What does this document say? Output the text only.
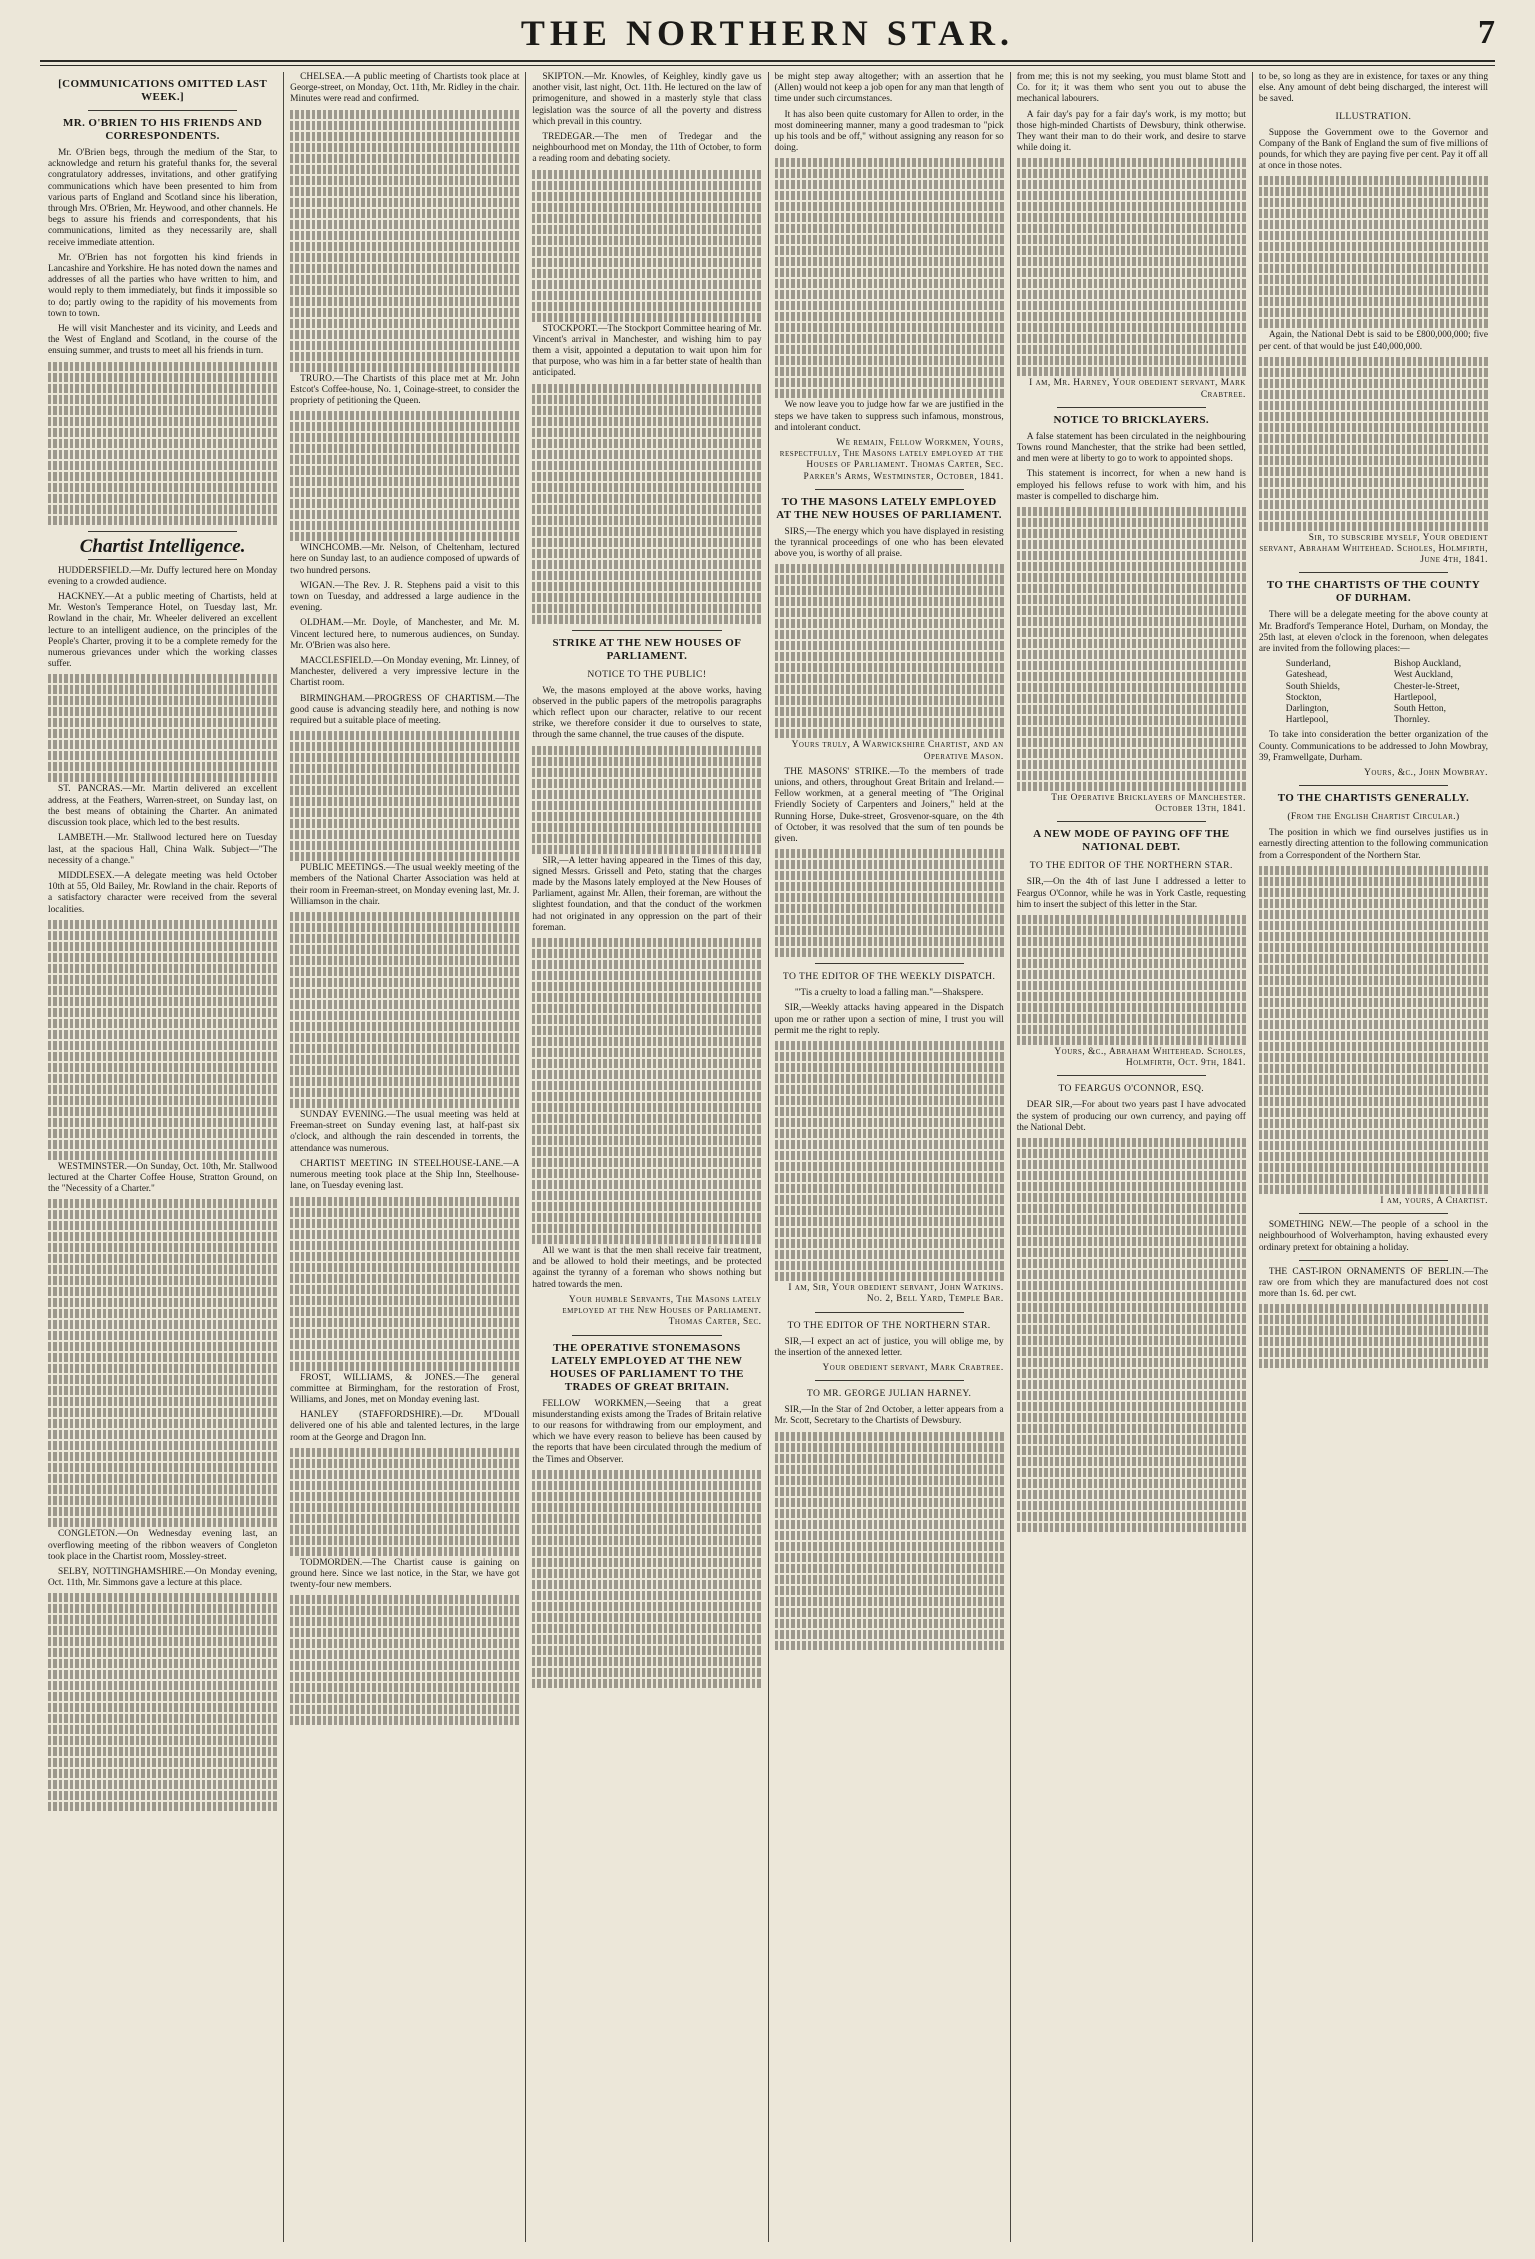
THE NORTHERN STAR.	7
[COMMUNICATIONS OMITTED LAST WEEK.]
MR. O'BRIEN TO HIS FRIENDS AND CORRESPONDENTS.

Mr. O'Brien begs, through the medium of the Star, to acknowledge and return his grateful thanks for, the several congratulatory addresses, invitations, and other gratifying communications which have been presented to him from various parts of England and Scotland since his liberation, through Mrs. O'Brien, Mr. Heywood, and other channels. He begs to assure his friends and correspondents, that his communications, limited as they necessarily are, shall receive immediate attention.

Mr. O'Brien has not forgotten his kind friends in Lancashire and Yorkshire. He has noted down the names and addresses of all the parties who have written to him, and would reply to them immediately, but finds it impossible so to do; partly owing to the rapidity of his movements from town to town.

He will visit Manchester and its vicinity, and Leeds and the West of England and Scotland, in the course of the ensuing summer, and trusts to meet all his friends in turn.

Chartist Intelligence.

HUDDERSFIELD.—Mr. Duffy lectured here on Monday evening to a crowded audience.

HACKNEY.—At a public meeting of Chartists, held at Mr. Weston's Temperance Hotel, on Tuesday last, Mr. Rowland in the chair, Mr. Wheeler delivered an excellent lecture to an intelligent audience, on the principles of the People's Charter, proving it to be a complete remedy for the numerous grievances under which the working classes suffer.

ST. PANCRAS.—Mr. Martin delivered an excellent address, at the Feathers, Warren-street, on Sunday last, on the best means of obtaining the Charter. An animated discussion took place, which led to the best results.

LAMBETH.—Mr. Stallwood lectured here on Tuesday last, at the spacious Hall, China Walk. Subject—"The necessity of a change."

MIDDLESEX.—A delegate meeting was held October 10th at 55, Old Bailey, Mr. Rowland in the chair. Reports of a satisfactory character were received from the several localities.

WESTMINSTER.—On Sunday, Oct. 10th, Mr. Stallwood lectured at the Charter Coffee House, Stratton Ground, on the "Necessity of a Charter."

CONGLETON.—On Wednesday evening last, an overflowing meeting of the ribbon weavers of Congleton took place in the Chartist room, Mossley-street.

SELBY, NOTTINGHAMSHIRE.—On Monday evening, Oct. 11th, Mr. Simmons gave a lecture at this place.

CHELSEA.—A public meeting of Chartists took place at George-street, on Monday, Oct. 11th, Mr. Ridley in the chair. Minutes were read and confirmed.

TRURO.—The Chartists of this place met at Mr. John Estcot's Coffee-house, No. 1, Coinage-street, to consider the propriety of petitioning the Queen.

WINCHCOMB.—Mr. Nelson, of Cheltenham, lectured here on Sunday last, to an audience composed of upwards of two hundred persons.

WIGAN.—The Rev. J. R. Stephens paid a visit to this town on Tuesday, and addressed a large audience in the evening.

OLDHAM.—Mr. Doyle, of Manchester, and Mr. M. Vincent lectured here, to numerous audiences, on Sunday. Mr. O'Brien was also here.

MACCLESFIELD.—On Monday evening, Mr. Linney, of Manchester, delivered a very impressive lecture in the Chartist room.

BIRMINGHAM.—PROGRESS OF CHARTISM.—The good cause is advancing steadily here, and nothing is now required but a suitable place of meeting.

PUBLIC MEETINGS.—The usual weekly meeting of the members of the National Charter Association was held at their room in Freeman-street, on Monday evening last, Mr. J. Williamson in the chair.

SUNDAY EVENING.—The usual meeting was held at Freeman-street on Sunday evening last, at half-past six o'clock, and although the rain descended in torrents, the attendance was numerous.

CHARTIST MEETING IN STEELHOUSE-LANE.—A numerous meeting took place at the Ship Inn, Steelhouse-lane, on Tuesday evening last.

FROST, WILLIAMS, & JONES.—The general committee at Birmingham, for the restoration of Frost, Williams, and Jones, met on Monday evening last.

HANLEY (STAFFORDSHIRE).—Dr. M'Douall delivered one of his able and talented lectures, in the large room at the George and Dragon Inn.

TODMORDEN.—The Chartist cause is gaining on ground here. Since we last notice, in the Star, we have got twenty-four new members.

SKIPTON.—Mr. Knowles, of Keighley, kindly gave us another visit, last night, Oct. 11th. He lectured on the law of primogeniture, and showed in a masterly style that class legislation was the source of all the poverty and distress which prevail in this country.

TREDEGAR.—The men of Tredegar and the neighbourhood met on Monday, the 11th of October, to form a reading room and debating society.

STOCKPORT.—The Stockport Committee hearing of Mr. Vincent's arrival in Manchester, and wishing him to pay them a visit, appointed a deputation to wait upon him for that purpose, who was him in a far better state of health than anticipated.

STRIKE AT THE NEW HOUSES OF PARLIAMENT.
NOTICE TO THE PUBLIC!

We, the masons employed at the above works, having observed in the public papers of the metropolis paragraphs which reflect upon our character, relative to our recent strike, we therefore consider it due to ourselves to state, through the same channel, the true causes of the dispute.

SIR,—A letter having appeared in the Times of this day, signed Messrs. Grissell and Peto, stating that the charges made by the Masons lately employed at the New Houses of Parliament, against Mr. Allen, their foreman, are without the slightest foundation, and that the conduct of the workmen had not originated in any oppression on the part of their foreman.

All we want is that the men shall receive fair treatment, and be allowed to hold their meetings, and be protected against the tyranny of a foreman who shows nothing but hatred towards the men.

Your humble Servants, The Masons lately employed at the New Houses of Parliament. Thomas Carter, Sec.

THE OPERATIVE STONEMASONS LATELY EMPLOYED AT THE NEW HOUSES OF PARLIAMENT TO THE TRADES OF GREAT BRITAIN.

FELLOW WORKMEN,—Seeing that a great misunderstanding exists among the Trades of Britain relative to our reasons for withdrawing from our employment, and which we have every reason to believe has been caused by the reports that have been circulated through the medium of the Times and Observer.

be might step away altogether; with an assertion that he (Allen) would not keep a job open for any man that length of time under such circumstances.

It has also been quite customary for Allen to order, in the most domineering manner, many a good tradesman to "pick up his tools and be off," without assigning any reason for so doing.

We now leave you to judge how far we are justified in the steps we have taken to suppress such infamous, monstrous, and intolerant conduct.

We remain, Fellow Workmen, Yours, respectfully, The Masons lately employed at the Houses of Parliament. Thomas Carter, Sec. Parker's Arms, Westminster, October, 1841.

TO THE MASONS LATELY EMPLOYED AT THE NEW HOUSES OF PARLIAMENT.

SIRS,—The energy which you have displayed in resisting the tyrannical proceedings of one who has been elevated above you, is worthy of all praise.

Yours truly, A Warwickshire Chartist, and an Operative Mason.

THE MASONS' STRIKE.—To the members of trade unions, and others, throughout Great Britain and Ireland.—Fellow workmen, at a general meeting of "The Original Friendly Society of Carpenters and Joiners," held at the Running Horse, Duke-street, Grosvenor-square, on the 4th of October, it was resolved that the sum of ten pounds be given.

TO THE EDITOR OF THE WEEKLY DISPATCH.

"'Tis a cruelty to load a falling man."—Shakspere.

SIR,—Weekly attacks having appeared in the Dispatch upon me or rather upon a section of mine, I trust you will permit me the right to reply.

I am, Sir, Your obedient servant, John Watkins. No. 2, Bell Yard, Temple Bar.

TO THE EDITOR OF THE NORTHERN STAR.

SIR,—I expect an act of justice, you will oblige me, by the insertion of the annexed letter.

Your obedient servant, Mark Crabtree.

TO MR. GEORGE JULIAN HARNEY.

SIR,—In the Star of 2nd October, a letter appears from a Mr. Scott, Secretary to the Chartists of Dewsbury.

from me; this is not my seeking, you must blame Stott and Co. for it; it was them who sent you out to abuse the mechanical labourers.

A fair day's pay for a fair day's work, is my motto; but those high-minded Chartists of Dewsbury, think otherwise. They want their man to do their work, and desire to starve while doing it.

I am, Mr. Harney, Your obedient servant, Mark Crabtree.

NOTICE TO BRICKLAYERS.

A false statement has been circulated in the neighbouring Towns round Manchester, that the strike had been settled, and men were at liberty to go to work to appointed shops.

This statement is incorrect, for when a new hand is employed his fellows refuse to work with him, and his master is compelled to discharge him.

The Operative Bricklayers of Manchester. October 13th, 1841.

A NEW MODE OF PAYING OFF THE NATIONAL DEBT.
TO THE EDITOR OF THE NORTHERN STAR.

SIR,—On the 4th of last June I addressed a letter to Feargus O'Connor, while he was in York Castle, requesting him to insert the subject of this letter in the Star.

Yours, &c., Abraham Whitehead. Scholes, Holmfirth, Oct. 9th, 1841.

TO FEARGUS O'CONNOR, ESQ.

DEAR SIR,—For about two years past I have advocated the system of producing our own currency, and paying off the National Debt.

to be, so long as they are in existence, for taxes or any thing else. Any amount of debt being discharged, the interest will be saved.

ILLUSTRATION.

Suppose the Government owe to the Governor and Company of the Bank of England the sum of five millions of pounds, for which they are paying five per cent. Pay it off all at once in those notes.

Again, the National Debt is said to be £800,000,000; five per cent. of that would be just £40,000,000.

Sir, to subscribe myself, Your obedient servant, Abraham Whitehead. Scholes, Holmfirth, June 4th, 1841.

TO THE CHARTISTS OF THE COUNTY OF DURHAM.

There will be a delegate meeting for the above county at Mr. Bradford's Temperance Hotel, Durham, on Monday, the 25th last, at eleven o'clock in the forenoon, when delegates are invited from the following places:—

Sunderland,
Gateshead,
South Shields,
Stockton,
Darlington,
Hartlepool,
Bishop Auckland,
West Auckland,
Chester-le-Street,
Hartlepool,
South Hetton,
Thornley.

To take into consideration the better organization of the County. Communications to be addressed to John Mowbray, 39, Framwellgate, Durham.

Yours, &c., John Mowbray.

TO THE CHARTISTS GENERALLY.
(From the English Chartist Circular.)

The position in which we find ourselves justifies us in earnestly directing attention to the following communication from a Correspondent of the Northern Star.

I am, yours, A Chartist.

SOMETHING NEW.—The people of a school in the neighbourhood of Wolverhampton, having exhausted every ordinary pretext for obtaining a holiday.

THE CAST-IRON ORNAMENTS OF BERLIN.—The raw ore from which they are manufactured does not cost more than 1s. 6d. per cwt.
